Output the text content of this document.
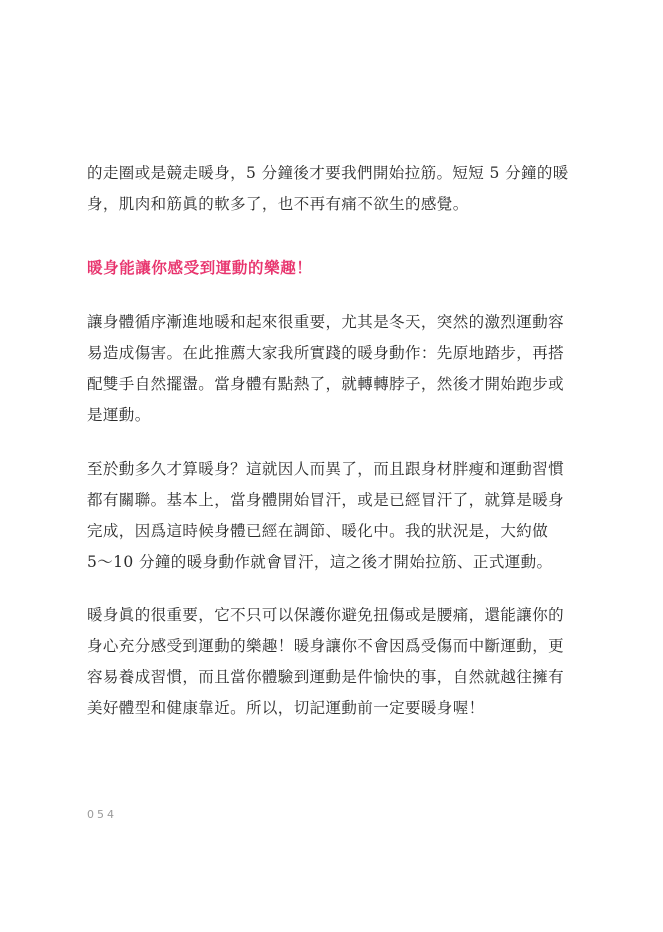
的走圈或是競走暖身，5 分鐘後才要我們開始拉筋。短短 5 分鐘的暖

身，肌肉和筋眞的軟多了，也不再有痛不欲生的感覺。

暖身能讓你感受到運動的樂趣！

讓身體循序漸進地暖和起來很重要，尤其是冬天，突然的激烈運動容

易造成傷害。在此推薦大家我所實踐的暖身動作：先原地踏步，再搭

配雙手自然擺盪。當身體有點熱了，就轉轉脖子，然後才開始跑步或

是運動。

至於動多久才算暖身？這就因人而異了，而且跟身材胖瘦和運動習慣

都有關聯。基本上，當身體開始冒汗，或是已經冒汗了，就算是暖身

完成，因爲這時候身體已經在調節、暖化中。我的狀況是，大約做

5～10 分鐘的暖身動作就會冒汗，這之後才開始拉筋、正式運動。

暖身眞的很重要，它不只可以保護你避免扭傷或是腰痛，還能讓你的

身心充分感受到運動的樂趣！暖身讓你不會因爲受傷而中斷運動，更

容易養成習慣，而且當你體驗到運動是件愉快的事，自然就越往擁有

美好體型和健康靠近。所以，切記運動前一定要暖身喔！

054
